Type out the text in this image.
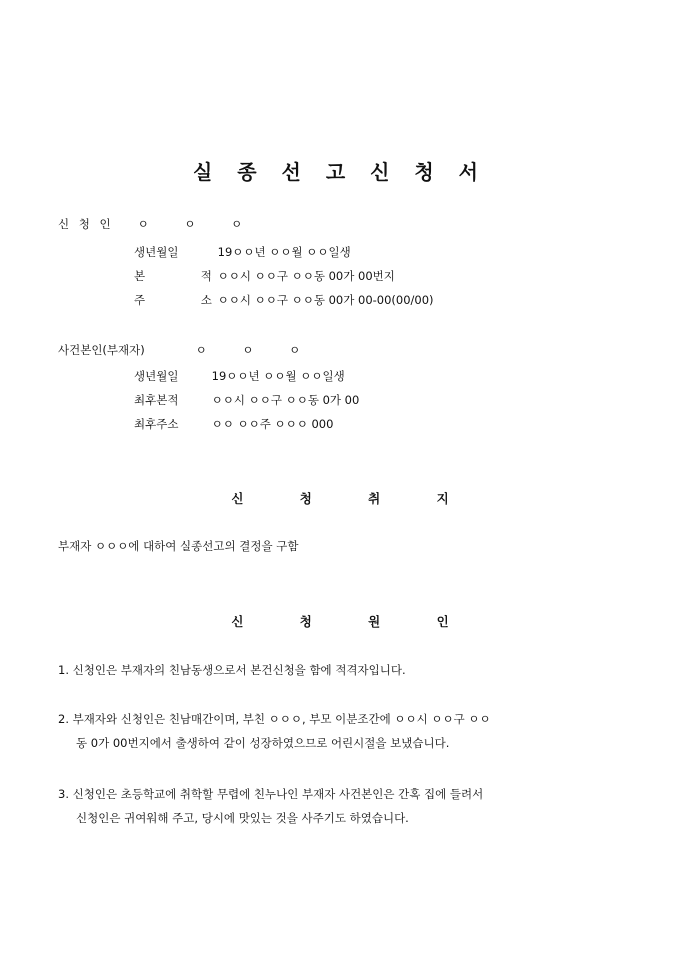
실 종 선 고 신 청 서
신 청 인 ㅇ ㅇ ㅇ
생년월일	19ㅇㅇ년 ㅇㅇ월 ㅇㅇ일생
본 적 ㅇㅇ시 ㅇㅇ구 ㅇㅇ동 00가 00번지
주 소 ㅇㅇ시 ㅇㅇ구 ㅇㅇ동 00가 00-00(00/00)
사건본인(부재자)	ㅇ ㅇ ㅇ
생년월일	19ㅇㅇ년 ㅇㅇ월 ㅇㅇ일생
최후본적	ㅇㅇ시 ㅇㅇ구 ㅇㅇ동 0가 00
최후주소	ㅇㅇ ㅇㅇ주 ㅇㅇㅇ 000
신 청 취 지
부재자 ㅇㅇㅇ에 대하여 실종선고의 결정을 구함
신 청 원 인
1. 신청인은 부재자의 친남동생으로서 본건신청을 함에 적격자입니다.
2. 부재자와 신청인은 친남매간이며, 부친 ㅇㅇㅇ, 부모 이분조간에 ㅇㅇ시 ㅇㅇ구 ㅇㅇ
동 0가 00번지에서 출생하여 같이 성장하였으므로 어린시절을 보냈습니다.
3. 신청인은 초등학교에 취학할 무렵에 친누나인 부재자 사건본인은 간혹 집에 들려서
신청인은 귀여워해 주고, 당시에 맛있는 것을 사주기도 하였습니다.
